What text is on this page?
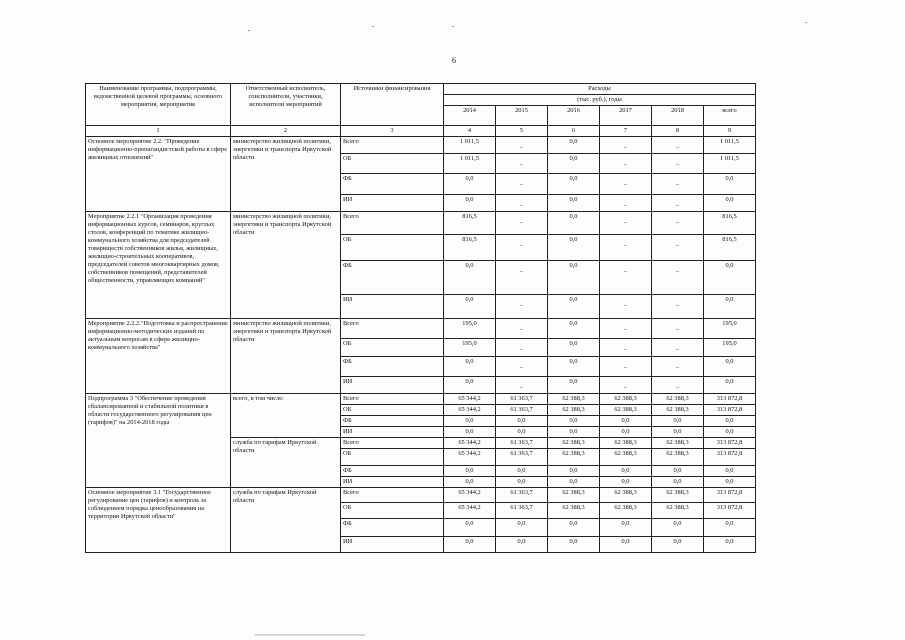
6
Наименование программы, подпрограммы, ведомственной целевой программы, основного мероприятия, мероприятия	Ответственный исполнитель, соисполнители, участники, исполнители мероприятий	Источники финансирования	Расходы					
			(тыс. руб.), годы					
			2014	2015	2016	2017	2018	всего
1	2	3	4	5	6	7	8	9
Основное мероприятие 2.2. "Проведение информационно-пропагандистской работы в сфере жилищных отношений"	министерство жилищной политики, энергетики и транспорта Иркутской области	Всего	1 011,5	–	0,0	–	–	1 011,5
		ОБ	1 011,5	–	0,0	–	–	1 011,5
		ФБ	0,0	–	0,0	–	–	0,0
		ИИ	0,0	–	0,0	–	–	0,0
Мероприятие 2.2.1 "Организация проведения информационных курсов, семинаров, круглых столов, конференций по тематике жилищно-коммунального хозяйства для председателей товариществ собственников жилья, жилищных, жилищно-строительных кооперативов, председателей советов многоквартирных домов, собственников помещений, представителей общественности, управляющих компаний"	министерство жилищной политики, энергетики и транспорта Иркутской области	Всего	816,5	–	0,0	–	–	816,5
		ОБ	816,5	–	0,0	–	–	816,5
		ФБ	0,0	–	0,0	–	–	0,0
		ИИ	0,0	–	0,0	–	–	0,0
Мероприятие 2.2.2."Подготовка и распространение информационно-методических изданий по актуальным вопросам в сфере жилищно-коммунального хозяйства"	министерство жилищной политики, энергетики и транспорта Иркутской области	Всего	195,0	–	0,0	–	–	195,0
		ОБ	195,0	–	0,0	–	–	195,0
		ФБ	0,0	–	0,0	–	–	0,0
		ИИ	0,0	–	0,0	–	–	0,0
Подпрограмма 3 "Обеспечение проведения сбалансированной и стабильной политики в области государственного регулирования цен (тарифов)" на 2014-2018 годы	всего, в том числе:	Всего	65 344,2	61 363,7	62 388,3	62 388,3	62 388,3	313 872,8
		ОБ	65 344,2	61 363,7	62 388,3	62 388,3	62 388,3	313 872,8
		ФБ	0,0	0,0	0,0	0,0	0,0	0,0
		ИИ	0,0	0,0	0,0	0,0	0,0	0,0
	служба по тарифам Иркутской области	Всего	65 344,2	61 363,7	62 388,3	62 388,3	62 388,3	313 872,8
		ОБ	65 344,2	61 363,7	62 388,3	62 388,3	62 388,3	313 872,8
		ФБ	0,0	0,0	0,0	0,0	0,0	0,0
		ИИ	0,0	0,0	0,0	0,0	0,0	0,0
Основное мероприятие 3.1 "Государственное регулирование цен (тарифов) и контроль за соблюдением порядка ценообразования на территории Иркутской области"	служба по тарифам Иркутской области	Всего	65 344,2	61 363,7	62 388,3	62 388,3	62 388,3	313 872,8
		ОБ	65 344,2	61 363,7	62 388,3	62 388,3	62 388,3	313 872,8
		ФБ	0,0	0,0	0,0	0,0	0,0	0,0
		ИИ	0,0	0,0	0,0	0,0	0,0	0,0
